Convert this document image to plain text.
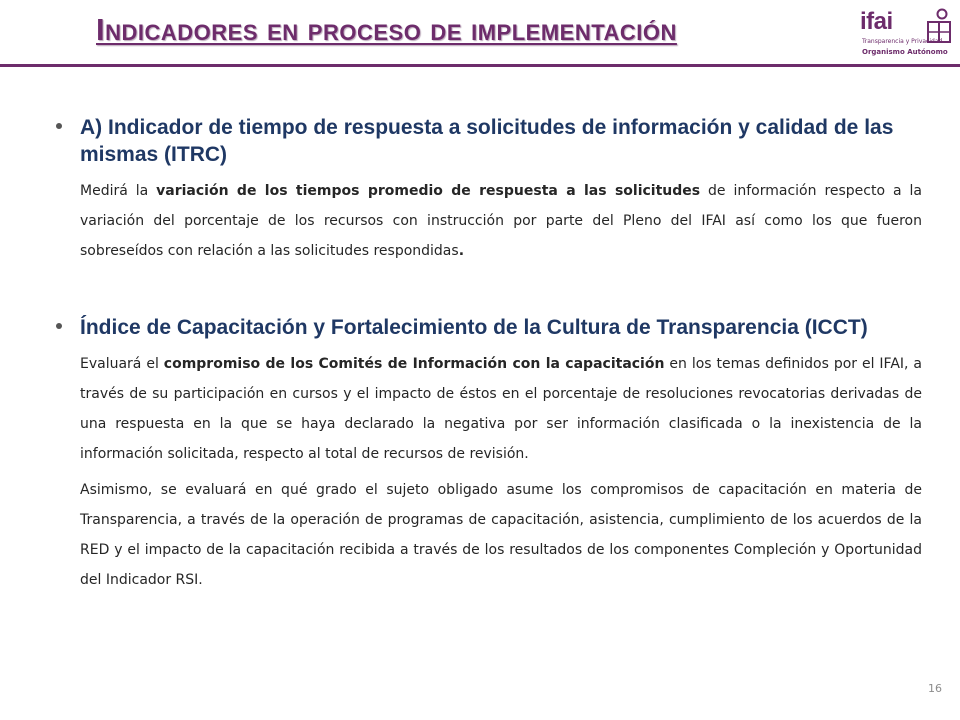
Indicadores en proceso de implementación	ifai
Transparencia y Privacidad
Organismo Autónomo
A) Indicador de tiempo de respuesta a solicitudes de información y calidad de las mismas (ITRC)
Medirá la variación de los tiempos promedio de respuesta a las solicitudes de información respecto a la variación del porcentaje de los recursos con instrucción por parte del Pleno del IFAI así como los que fueron sobreseídos con relación a las solicitudes respondidas.
Índice de Capacitación y Fortalecimiento de la Cultura de Transparencia (ICCT)
Evaluará el compromiso de los Comités de Información con la capacitación en los temas definidos por el IFAI, a través de su participación en cursos y el impacto de éstos en el porcentaje de resoluciones revocatorias derivadas de una respuesta en la que se haya declarado la negativa por ser información clasificada o la inexistencia de la información solicitada, respecto al total de recursos de revisión.
Asimismo, se evaluará en qué grado el sujeto obligado asume los compromisos de capacitación en materia de Transparencia, a través de la operación de programas de capacitación, asistencia, cumplimiento de los acuerdos de la RED y el impacto de la capacitación recibida a través de los resultados de los componentes Compleción y Oportunidad del Indicador RSI.
16
